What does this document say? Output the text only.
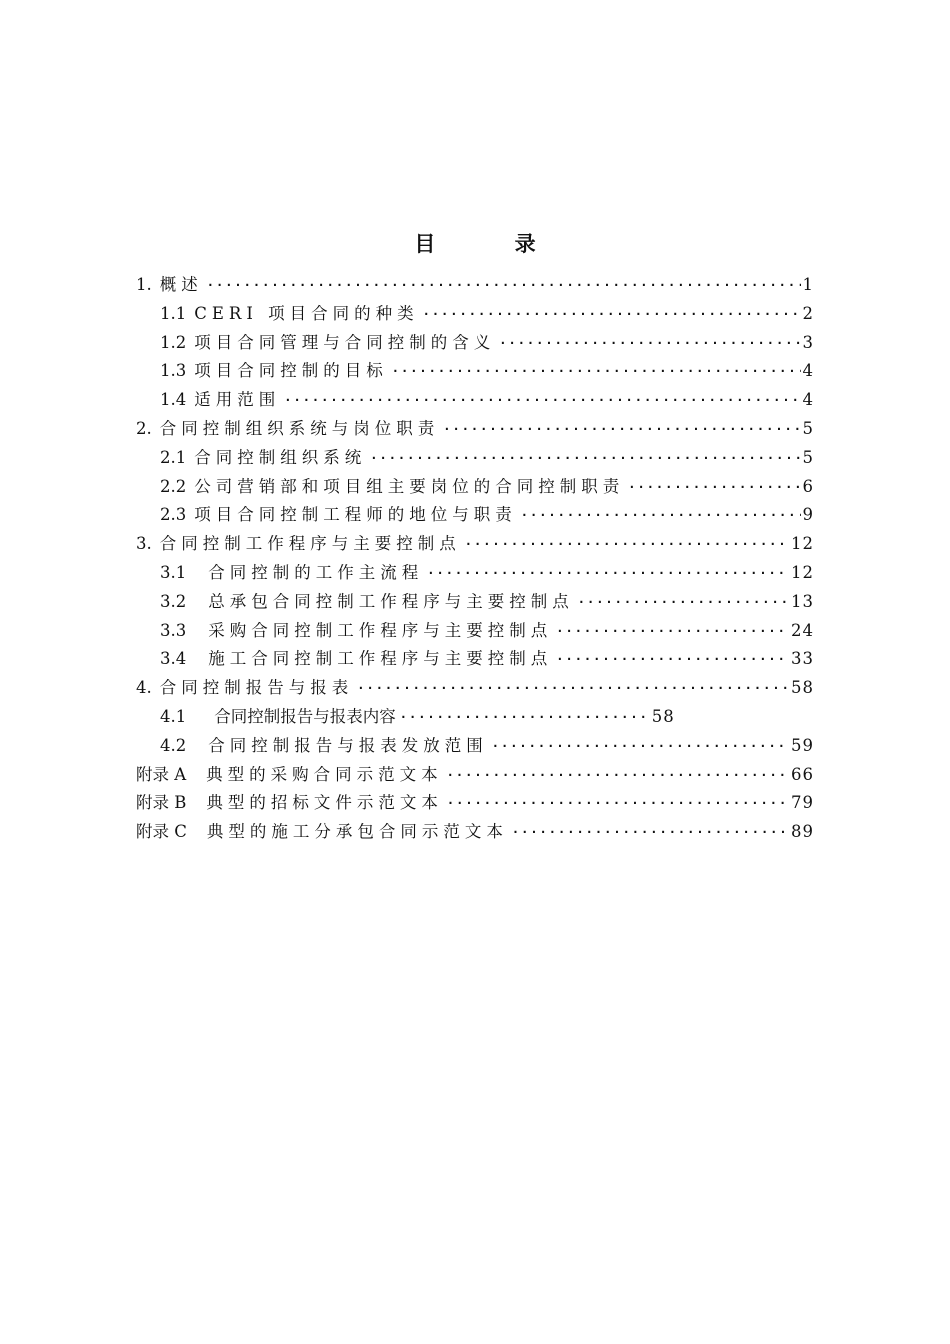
目 录
1. 概述 ·····	1
1.1 CERI 项目合同的种类 ·····	2
1.2 项目合同管理与合同控制的含义 ·····	3
1.3 项目合同控制的目标 ·····	4
1.4 适用范围 ·····	4
2. 合同控制组织系统与岗位职责 ·····	5
2.1 合同控制组织系统 ·····	5
2.2 公司营销部和项目组主要岗位的合同控制职责 ·····	6
2.3 项目合同控制工程师的地位与职责 ·····	9
3. 合同控制工作程序与主要控制点 ·····	12
3.1 合同控制的工作主流程 ·····	12
3.2 总承包合同控制工作程序与主要控制点 ·····	13
3.3 采购合同控制工作程序与主要控制点 ·····	24
3.4 施工合同控制工作程序与主要控制点 ·····	33
4. 合同控制报告与报表 ·····	58
4.1 合同控制报告与报表内容 ·····	58
4.2 合同控制报告与报表发放范围 ·····	59
附录 A 典型的采购合同示范文本 ·····	66
附录 B 典型的招标文件示范文本 ·····	79
附录 C 典型的施工分承包合同示范文本 ·····	89
